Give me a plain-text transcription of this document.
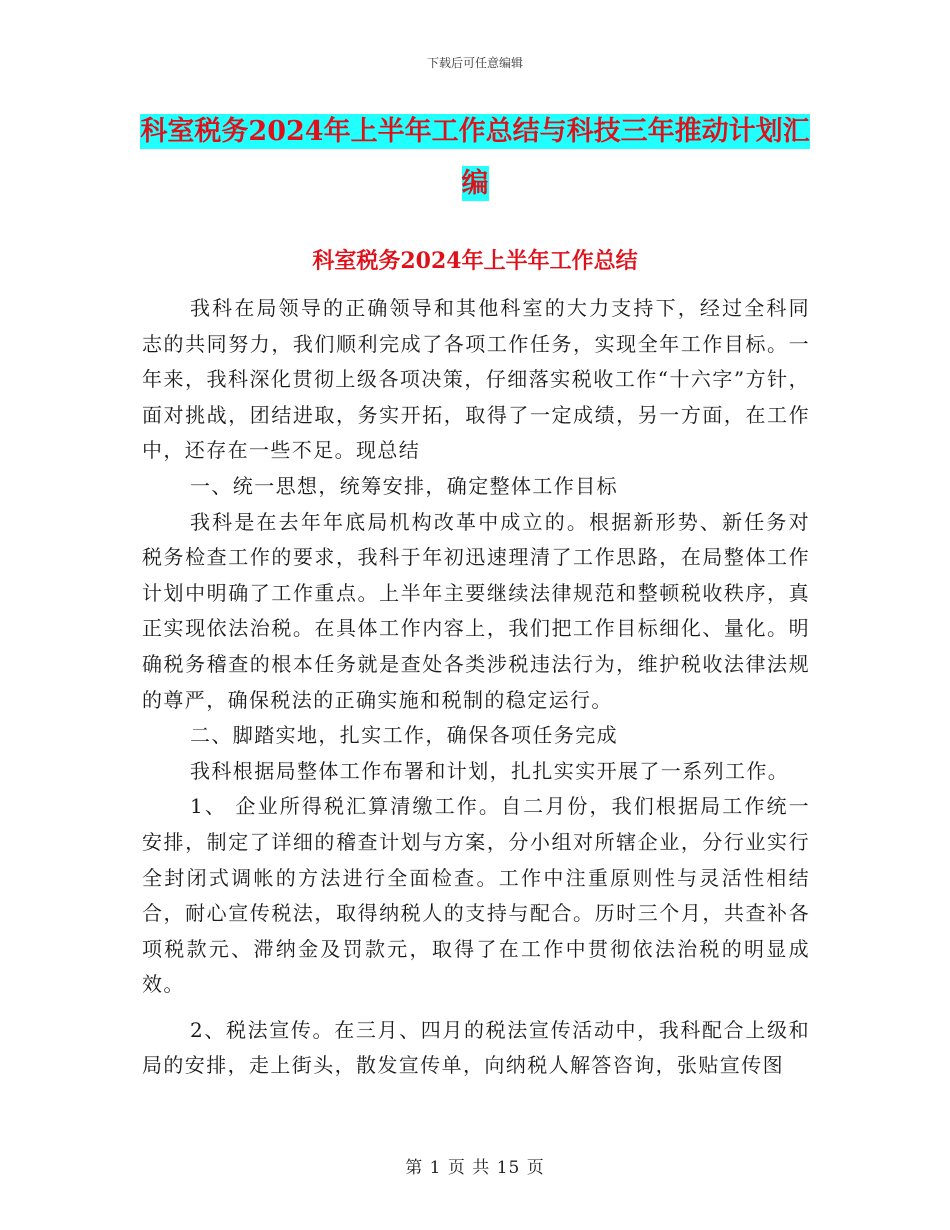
下载后可任意编辑
科室税务2024年上半年工作总结与科技三年推动计划汇编
科室税务2024年上半年工作总结

我科在局领导的正确领导和其他科室的大力支持下，经过全科同志的共同努力，我们顺利完成了各项工作任务，实现全年工作目标。一年来，我科深化贯彻上级各项决策，仔细落实税收工作“十六字”方针，面对挑战，团结进取，务实开拓，取得了一定成绩，另一方面，在工作中，还存在一些不足。现总结

一、统一思想，统筹安排，确定整体工作目标

我科是在去年年底局机构改革中成立的。根据新形势、新任务对税务检查工作的要求，我科于年初迅速理清了工作思路，在局整体工作计划中明确了工作重点。上半年主要继续法律规范和整顿税收秩序，真正实现依法治税。在具体工作内容上，我们把工作目标细化、量化。明确税务稽查的根本任务就是查处各类涉税违法行为，维护税收法律法规的尊严，确保税法的正确实施和税制的稳定运行。

二、脚踏实地，扎实工作，确保各项任务完成

我科根据局整体工作布署和计划，扎扎实实开展了一系列工作。

1、 企业所得税汇算清缴工作。自二月份，我们根据局工作统一安排，制定了详细的稽查计划与方案，分小组对所辖企业，分行业实行全封闭式调帐的方法进行全面检查。工作中注重原则性与灵活性相结合，耐心宣传税法，取得纳税人的支持与配合。历时三个月，共查补各项税款元、滞纳金及罚款元，取得了在工作中贯彻依法治税的明显成效。

2、税法宣传。在三月、四月的税法宣传活动中，我科配合上级和局的安排，走上街头，散发宣传单，向纳税人解答咨询，张贴宣传图

第 1 页 共 15 页
